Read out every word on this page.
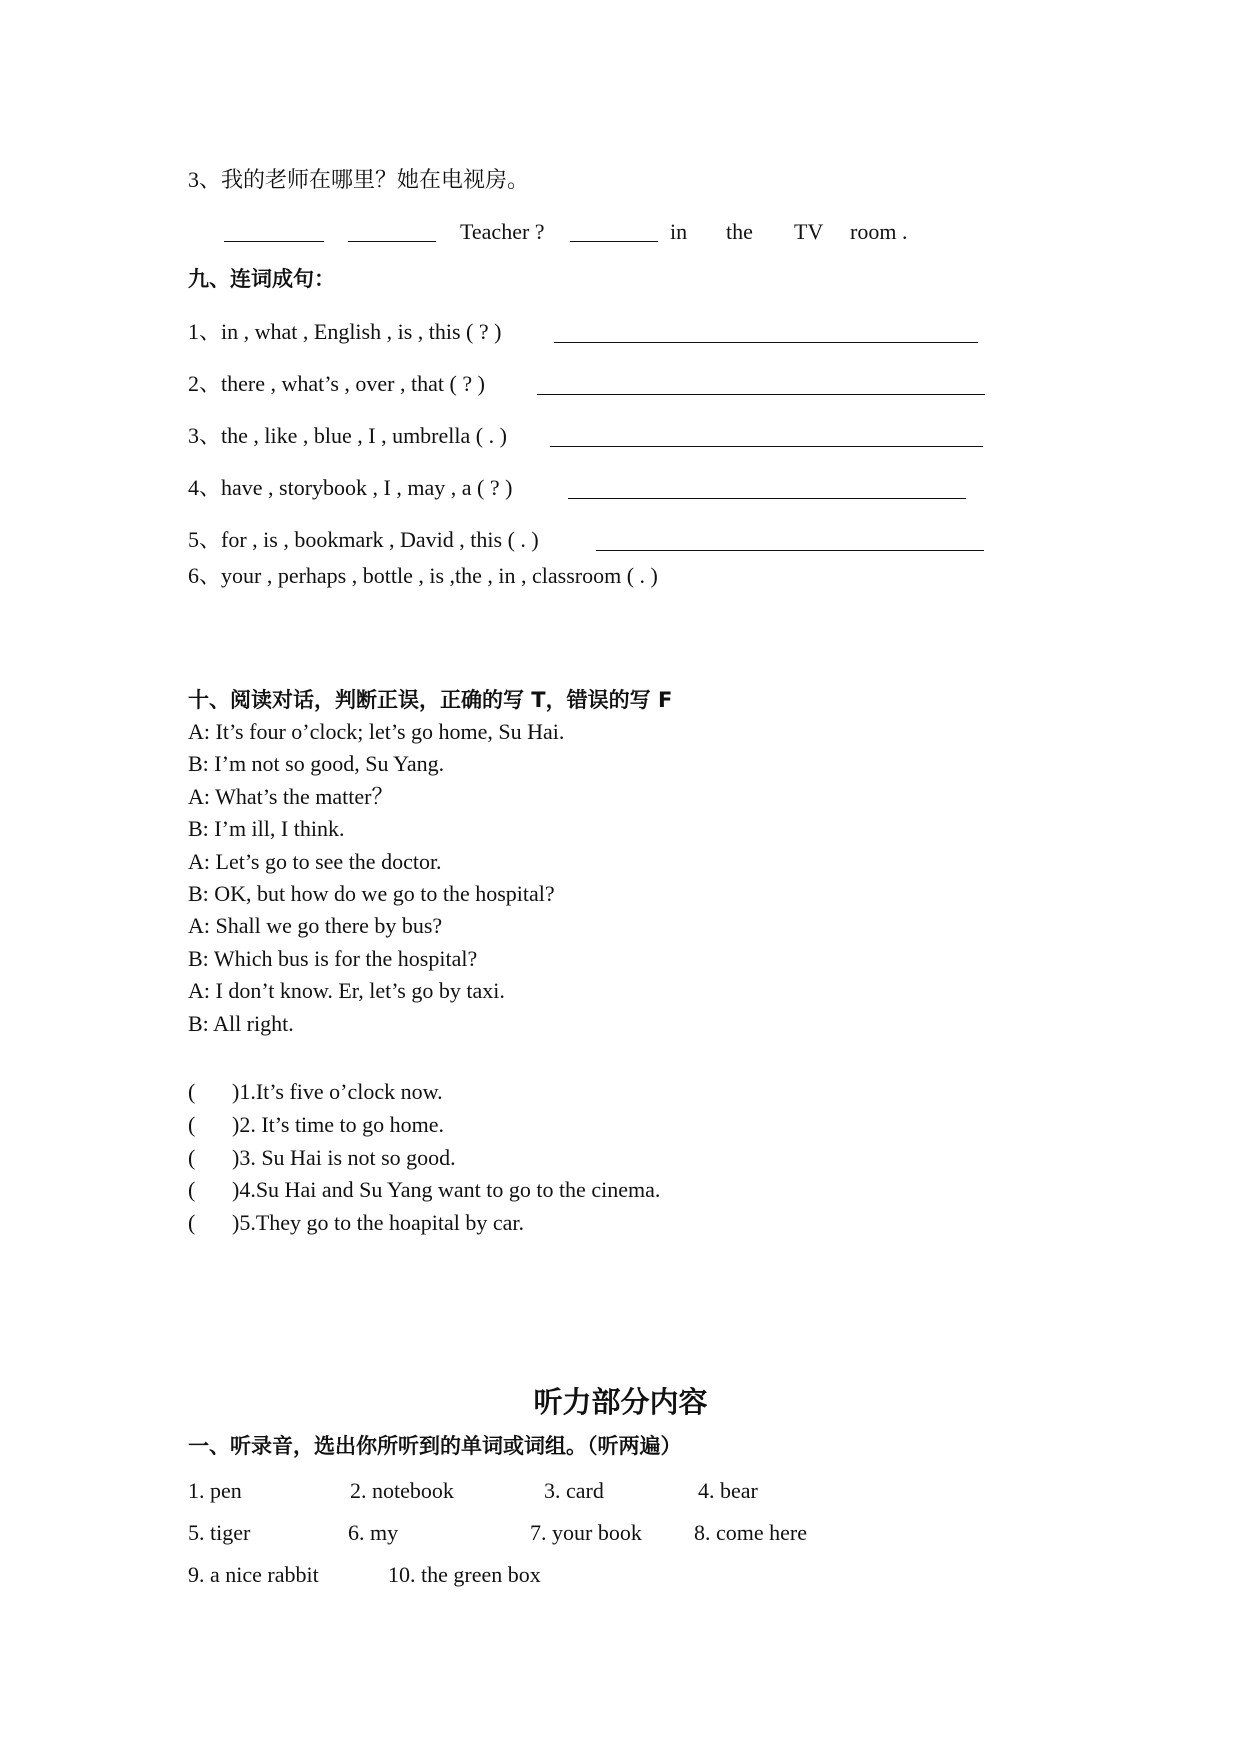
3、我的老师在哪里？她在电视房。
Teacher ?	in the TV room .
九、连词成句：
1、in , what , English , is , this ( ? )
2、there , what’s , over , that ( ? )
3、the , like , blue , I , umbrella ( . )
4、have , storybook , I , may , a ( ? )
5、for , is , bookmark , David , this ( . )
6、your , perhaps , bottle , is ,the , in , classroom ( . )
十、阅读对话，判断正误，正确的写 T，错误的写 F
A: It’s four o’clock; let’s go home, Su Hai.
B: I’m not so good, Su Yang.
A: What’s the matter？
B: I’m ill, I think.
A: Let’s go to see the doctor.
B: OK, but how do we go to the hospital?
A: Shall we go there by bus?
B: Which bus is for the hospital?
A: I don’t know. Er, let’s go by taxi.
B: All right.
( )1.It’s five o’clock now.
( )2. It’s time to go home.
( )3. Su Hai is not so good.
( )4.Su Hai and Su Yang want to go to the cinema.
( )5.They go to the hoapital by car.
听力部分内容
一、听录音，选出你所听到的单词或词组。（听两遍）
1. pen	2. notebook	3. card	4. bear
5. tiger	6. my	7. your book 8. come here
9. a nice rabbit	10. the green box
